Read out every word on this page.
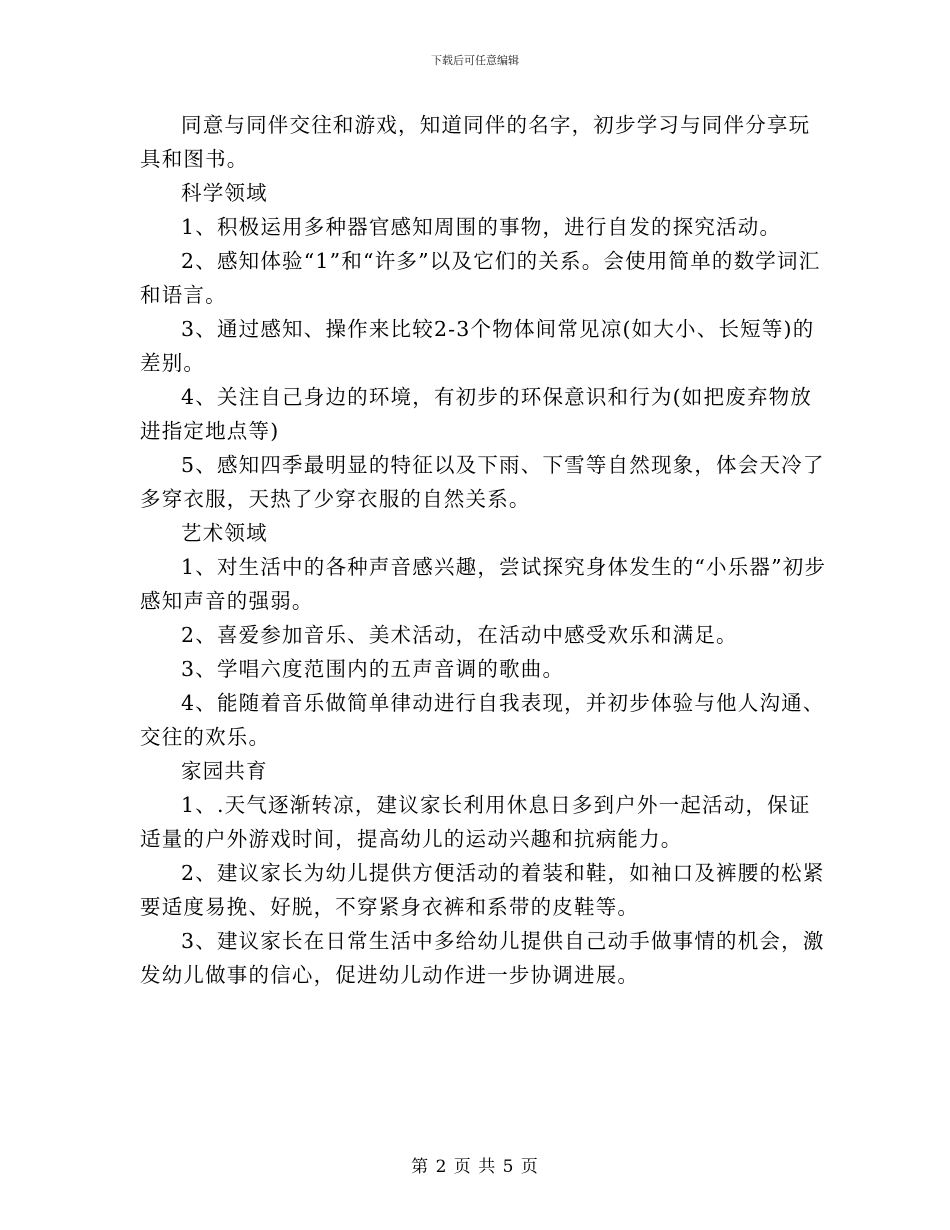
下载后可任意编辑

同意与同伴交往和游戏，知道同伴的名字，初步学习与同伴分享玩具和图书。

科学领域

1、积极运用多种器官感知周围的事物，进行自发的探究活动。

2、感知体验“1”和“许多”以及它们的关系。会使用简单的数学词汇和语言。

3、通过感知、操作来比较2-3个物体间常见凉(如大小、长短等)的差别。

4、关注自己身边的环境，有初步的环保意识和行为(如把废弃物放进指定地点等)

5、感知四季最明显的特征以及下雨、下雪等自然现象，体会天冷了多穿衣服，天热了少穿衣服的自然关系。

艺术领域

1、对生活中的各种声音感兴趣，尝试探究身体发生的“小乐器”初步感知声音的强弱。

2、喜爱参加音乐、美术活动，在活动中感受欢乐和满足。

3、学唱六度范围内的五声音调的歌曲。

4、能随着音乐做简单律动进行自我表现，并初步体验与他人沟通、交往的欢乐。

家园共育

1、.天气逐渐转凉，建议家长利用休息日多到户外一起活动，保证适量的户外游戏时间，提高幼儿的运动兴趣和抗病能力。

2、建议家长为幼儿提供方便活动的着装和鞋，如袖口及裤腰的松紧要适度易挽、好脱，不穿紧身衣裤和系带的皮鞋等。

3、建议家长在日常生活中多给幼儿提供自己动手做事情的机会，激发幼儿做事的信心，促进幼儿动作进一步协调进展。

第 2 页 共 5 页
